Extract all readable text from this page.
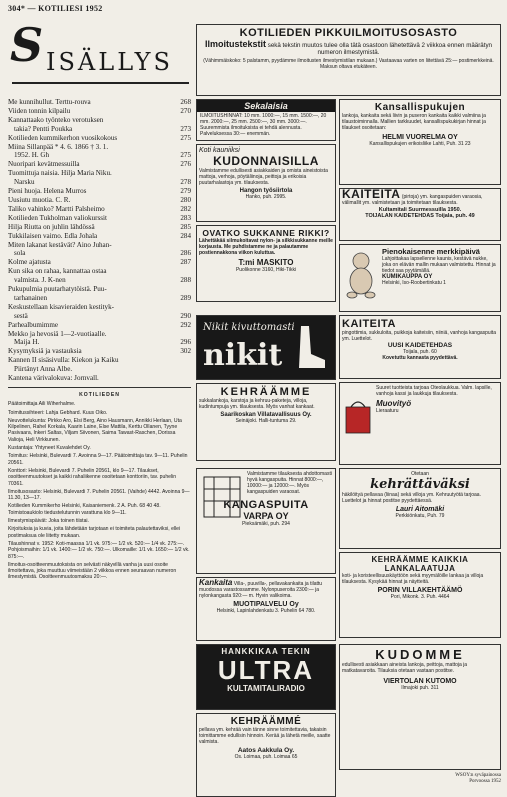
304* — KOTILIESI 1952
S ISÄLLYS
Me kunnihullut. Terttu-rouva	268
Viiden tonnin kilpailu	270
Kannattaako työnteko verotuksen
takia? Pentti Poukka	273
Kotilieden kummikerhon vuosikokous	275
Miina Sillanpää * 4. 6. 1866 † 3. 1.
1952. H. Gh	275
Nuoripari kevätmessuilla	276
Tuomittuja naisia. Hilja Maria Niku.
Narsku	278
Pieni huoja. Helena Murros	279
Uusiutu muotia. C. R.	280
Taliko vahinko? Martti Palsheimo	282
Kotilieden Tukholman valiokurssit	283
Hilja Riutta on juhlin lähdössä	285
Tukkilaisen vaimo. Edla Johala	284
Miten lakanat kestävät? Aino Juhan-
sola	286
Kolme ajatusta	287
Kun sika on rahaa, kannattaa ostaa
valmista. J. K-nen	288
Pukupulmia puutarhatytöistä. Puu-
tarhanainen	289
Keskustellaan kisavieraiden kestityk-
sestä	290
Parhealbumimme	292
Mekko ja hevosiä 1—2-vuotiaalle.
Maija H.	296
Kysymyksiä ja vastauksia	302
Kannen II sisäsivulla: Kiekon ja Kaiku
Piirtänyt Anna Albe.
Kantena värivalokuva: Jornvall.
KOTILIEDEN

Päätoimittaja Aili Wiherhalme.

Toimitussihteeri: Lahja Gebhard. Kuus Oiko.

Neuvottelukunta: Pirkko Aro, Elsi Berg, Aino Hausmann, Annikki Herlaan, Uta Kilpelinen, Rahel Korkala, Kaarin Laine, Else Mattila, Kerttu Ollanen, Tyyne Pasivaara, Inkeri Saltas, Viljam Siivonen, Saima Tawast-Raschen, Dorissa Valioja, Heli Virkkunen.

Kustantaja: Yhtyneet Kuvalehdet Oy.

Toimitus: Helsinki, Bulevardi 7. Avoinna 9—17. Päätoimittaja tav. 9—11. Puhelin 20561.

Konttori: Helsinki, Bulevardi 7. Puhelin 20561, klo 9—17. Tilaukset, osoitteenmuutokset ja kaikki rahaliikenne osoitetaan konttoriin, tav. puhelin 70361.

Ilmoitusosasto: Helsinki, Bulevardi 7. Puhelin 20561. (Vaihde) 4442. Avoinna 9—11.30, 13—17.

Kotilieden Kummikerho Helsinki, Kaisaniemenk. 2 A. Puh. 68 40 48. Toimistoaukiolo tiedustelutunnin varattuna klo 9—11.

Ilmestymispäivät: Joka toinen tiistai.

Kirjoituksia ja kuvia, joita lähdetään tarjotaan ei toimiteta palautettaviksi, ellei postimaksua ole liitetty mukaan.

Tilaushinnat v. 1952: Koti-maassa 1/1 vk. 975:— 1/2 vk. 520:— 1/4 vk. 275:—. Pohjoismaihin: 1/1 vk. 1400:— 1/2 vk. 750:—. Ulkomaille: 1/1 vk. 1650:— 1/2 vk. 875:—.

Ilmoitus-osoitteenmuutoksista on selvästi näkyvillä vanha ja uusi osoite ilmoitettava, joka muuttuu viimeistään 2 viikkoa ennen seuraavan numeron ilmestymistä. Osoitteenmuutosmaksu 20:—.

KOTILIEDEN PIKKUILMOITUSOSASTO
Ilmoitustekstit sekä tekstin muutos tulee olla tätä osastoon lähetettävä 2 viikkoa ennen määrätyn numeron ilmestymistä.
(Vähimmäiskoko: 5 palstamm, pyydämme ilmoitusten ilmestymistilan mukaan.) Vastaavaa varten on liitettävä 25:— postimerkkeinä. Maksun oltava etukäteen.
Sekalaisia
ILMOITUSHINNAT: 10 mm. 1000:—, 15 mm. 1500:—, 20 mm. 2000:—, 25 mm. 2500:—, 30 mm. 3000:—. Suuremmista ilmoituksista ei tehdä alennusta. Palveluksessa 30:— enemmän.
Koti kauniiksi
KUDONNAISILLA
Valmistamme edullisesti asiakkaiden ja omista aineistoista mattoja, verhoja, pöytäliinoja, peittoja ja erikoisia puutarhalastoja ym. tilauksesta.
Hangon työsiirtola
Hanko, puh. 2995.
OVATKO SUKKANNE RIKKI?
Lähettäkää silmukoitavat nylon- ja silkkisukkanne meille korjausta. Me puhdistamme ne ja palautamme postiennakkona viikon kuluttua.
T:mi MASKITO
Puolikonne 3160, Hiki-Tikki
Kansallispukujen
lankoja, kankaita sekä liivin ja puseron kankaita kaikki valmiina ja tilaustoiminnalla. Mallien tarkkuudet, kansallispukukirjan hinnat ja tilaukset osoitetaan:
HELMI VUORELMA OY
Kansallispukujen erikoisliike Lahti, Puh. 31 23
KAITEITA (pirtoja) ym. kangaspuiden varaosia, välimallit ym. valmistetaan ja toimitetaan tilauksesta.
Kultamitali Suurmessuilla 1950.
TOIJALAN KAIDETEHDAS Toijala, puh. 49
Pienokaisenne merkkipäivä
Lahjoittakaa lapsellenne kaunis, kestävä nukke, joka on elävän mallin mukaan valmistettu. Hinnat ja tiedot saa pyytämällä.
KUMIKAUPPA OY
Helsinki, Iso-Roobertinkatu 1
Nikit kivuttomasti
nikit
KEHRÄÄMME
sukkalankoja, karstoja ja kehruu-paketeja, villoja, kudintumpuja ym. tilauksesta. Myös vanhat kankaat.
Saarikoskan Villatavallisuus Oy.
Seinäjoki. Halli-tuntuma 29.
KAITEITA
pingottimia, sukkuloita, puikkoja kaiteisiin, niiniä, vanhoja kangaspuita ym. Luettelot.
UUSI KAIDETEHDAS
Toijala, puh. 60
Kovetuttu kannasta pyydettävä.
Suuret tuotteista tarjoaa Oteolaukkua. Valm. lapsille, vanhoja kassi ja laukkuja tilauksesta.
Muovityö
Lieraaturu
Valmistamme tilauksesta ahdottomasti hyvä kangaspuita. Hinnat 8000:—, 10000:— ja 12000:—. Myös kangaspuiden varaosat.
KANGASPUITA
VARPA OY
Pieksämäki, puh. 294
Kankaita Villa-, puuvilla-, pellavakankaita ja tilattu muodossa varastossamme. Nylonpuseroita 2300:— ja nylonkangasta 920:— m. Hyvin valikoima.
MUOTIPALVELU Oy
Helsinki, Lapinlahdenkatu 3. Puhelin 64 780.
Otetaan
kehrättäväksi
häkilöityä pellavaa (liinaa) sekä villoja ym. Kehruutyötä tarjoaa. Luettelot ja hinnat postitse pyydettäessä.
Lauri Aitomäki
Perkkiönkatu, Puh. 79
KEHRÄÄMME KAIKKIA LANKALAATUJA
koti- ja koristeellisuuskäyttöön sekä myymälöille lankaa ja villoja tilauksesta. Kysykää hinnat ja näytteitä.
PORIN VILLAKEHTÄÄMÖ
Pori, Mikonk. 3. Puh. 4464
HANKKIKAA TEKIN
ULTRA
KULTAMITALIRADIO
KEHRÄÄMMÉ
pellava ym. kehrää vain tänne sinne toimitettavia, takaisin toimittamme edullisin hinnoin. Kerää ja lähetä meille, saatte valmista.
Aatos Aakkula Oy.
Os. Loimaa, puh. Loimaa 65
KUDOMME
edullisesti asiakkaan aineista lankoja, peittoja, mattoja ja matkatavaroita. Tilauksia otetaan vastaan postitse.
VIERTOLAN KUTOMO
Ilmajoki puh. 311
WSOY:n syväpainossa
Porvoossa 1952
